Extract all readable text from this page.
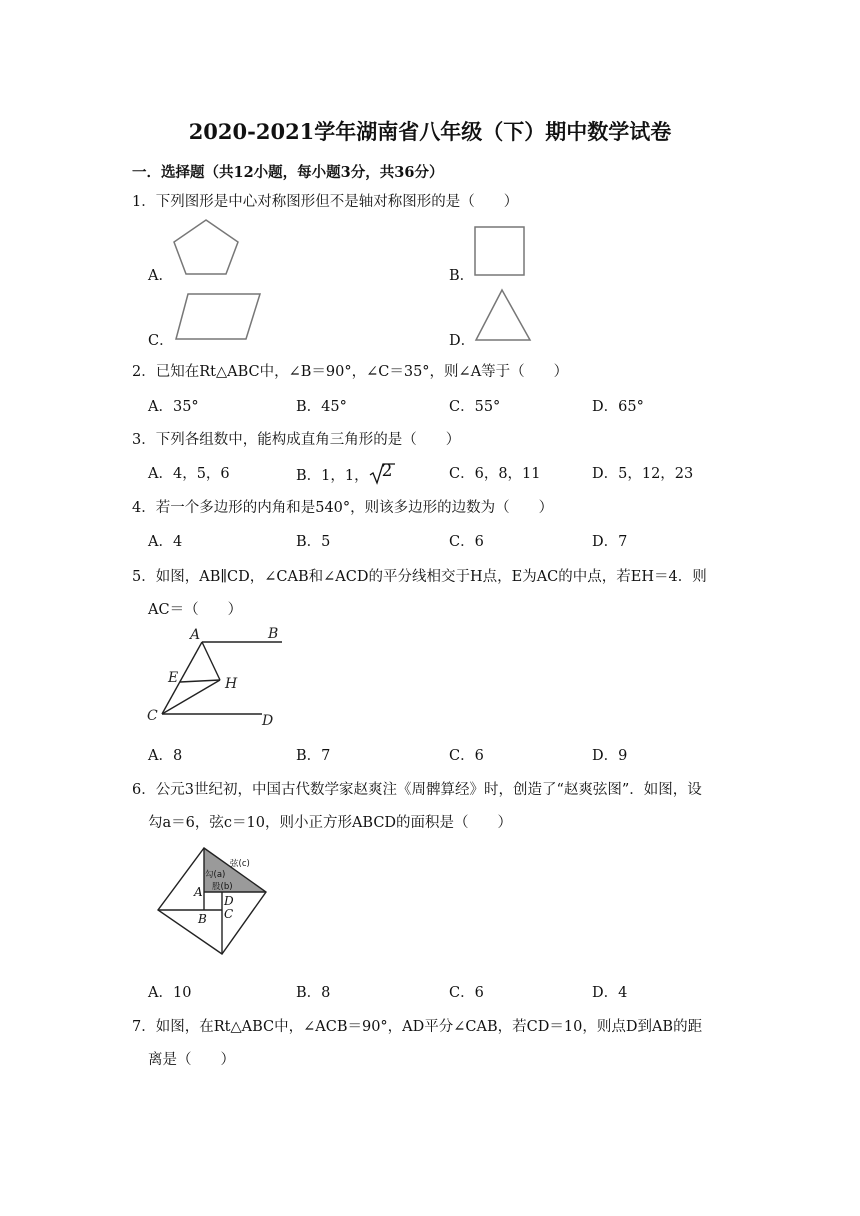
2020-2021学年湖南省八年级（下）期中数学试卷
一．选择题（共12小题，每小题3分，共36分）
1．下列图形是中心对称图形但不是轴对称图形的是（　　）
A．	B．
C．	D．
2．已知在Rt△ABC中，∠B＝90°，∠C＝35°，则∠A等于（　　）
A．35°	B．45°	C．55°	D．65°
3．下列各组数中，能构成直角三角形的是（　　）
A．4，5，6	B．1，1， 2	C．6，8，11	D．5，12，23
4．若一个多边形的内角和是540°，则该多边形的边数为（　　）
A．4	B．5	C．6	D．7
5．如图，AB∥CD，∠CAB和∠ACD的平分线相交于H点，E为AC的中点，若EH＝4．则
AC＝（　　）
A	B
E	H
C	D
A．8	B．7	C．6	D．9
6．公元3世纪初，中国古代数学家赵爽注《周髀算经》时，创造了“赵爽弦图”．如图，设
勾a＝6，弦c＝10，则小正方形ABCD的面积是（　　）
弦(c)
勾(a)
股(b)
A
D
B C
A．10	B．8	C．6	D．4
7．如图，在Rt△ABC中，∠ACB＝90°，AD平分∠CAB，若CD＝10，则点D到AB的距
离是（　　）
